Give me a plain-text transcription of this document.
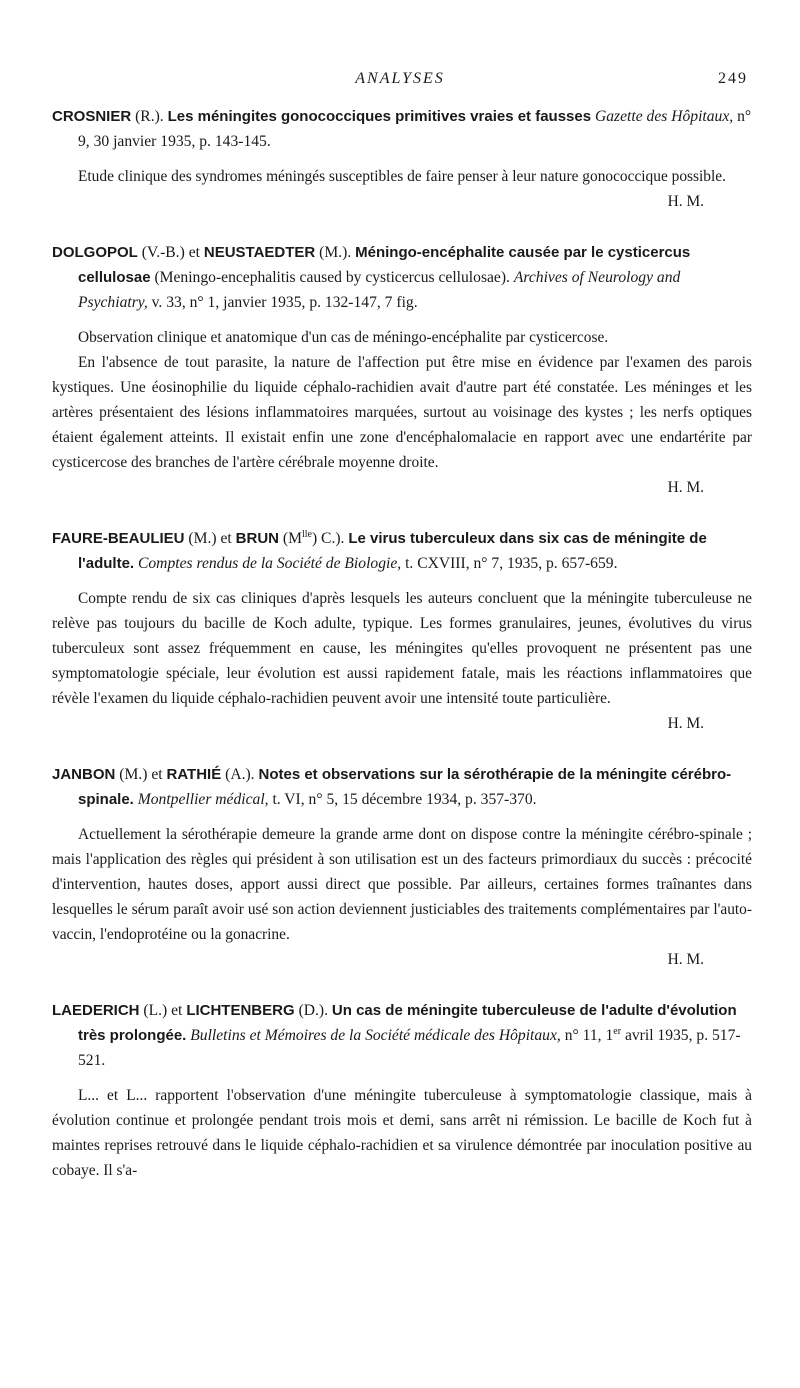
ANALYSES	249

CROSNIER (R.). Les méningites gonococciques primitives vraies et fausses Gazette des Hôpitaux, n° 9, 30 janvier 1935, p. 143-145.

Etude clinique des syndromes méningés susceptibles de faire penser à leur nature gonococcique possible.

H. M.

DOLGOPOL (V.-B.) et NEUSTAEDTER (M.). Méningo-encéphalite causée par le cysticercus cellulosae (Meningo-encephalitis caused by cysticercus cellulosae). Archives of Neurology and Psychiatry, v. 33, n° 1, janvier 1935, p. 132-147, 7 fig.

Observation clinique et anatomique d'un cas de méningo-encéphalite par cysticercose.

En l'absence de tout parasite, la nature de l'affection put être mise en évidence par l'examen des parois kystiques. Une éosinophilie du liquide céphalo-rachidien avait d'autre part été constatée. Les méninges et les artères présentaient des lésions inflammatoires marquées, surtout au voisinage des kystes ; les nerfs optiques étaient également atteints. Il existait enfin une zone d'encéphalomalacie en rapport avec une endartérite par cysticercose des branches de l'artère cérébrale moyenne droite.

H. M.

FAURE-BEAULIEU (M.) et BRUN $(M^{lle})$ C.). Le virus tuberculeux dans six cas de méningite de l'adulte. Comptes rendus de la Société de Biologie, t. CXVIII, n° 7, 1935, p. 657-659.

Compte rendu de six cas cliniques d'après lesquels les auteurs concluent que la méningite tuberculeuse ne relève pas toujours du bacille de Koch adulte, typique. Les formes granulaires, jeunes, évolutives du virus tuberculeux sont assez fréquemment en cause, les méningites qu'elles provoquent ne présentent pas une symptomatologie spéciale, leur évolution est aussi rapidement fatale, mais les réactions inflammatoires que révèle l'examen du liquide céphalo-rachidien peuvent avoir une intensité toute particulière.

H. M.

JANBON (M.) et RATHIÉ (A.). Notes et observations sur la sérothérapie de la méningite cérébro-spinale. Montpellier médical, t. VI, n° 5, 15 décembre 1934, p. 357-370.

Actuellement la sérothérapie demeure la grande arme dont on dispose contre la méningite cérébro-spinale ; mais l'application des règles qui président à son utilisation est un des facteurs primordiaux du succès : précocité d'intervention, hautes doses, apport aussi direct que possible. Par ailleurs, certaines formes traînantes dans lesquelles le sérum paraît avoir usé son action deviennent justiciables des traitements complémentaires par l'auto-vaccin, l'endoprotéine ou la gonacrine.

H. M.

LAEDERICH (L.) et LICHTENBERG (D.). Un cas de méningite tuberculeuse de l'adulte d'évolution très prolongée. Bulletins et Mémoires de la Société médicale des Hôpitaux, n° 11, 1er avril 1935, p. 517-521.

L... et L... rapportent l'observation d'une méningite tuberculeuse à symptomatologie classique, mais à évolution continue et prolongée pendant trois mois et demi, sans arrêt ni rémission. Le bacille de Koch fut à maintes reprises retrouvé dans le liquide céphalo-rachidien et sa virulence démontrée par inoculation positive au cobaye. Il s'a-
